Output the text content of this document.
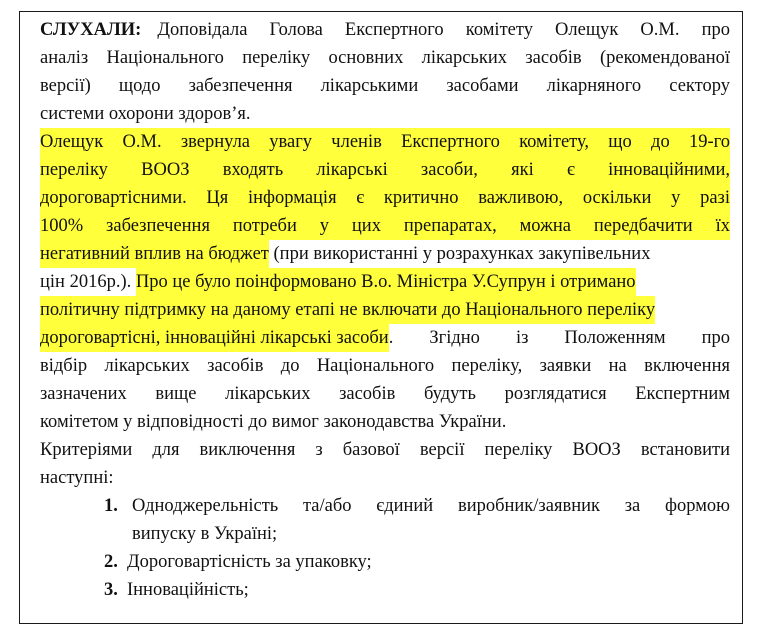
СЛУХАЛИ: Доповідала Голова Експертного комітету Олещук О.М. про
аналіз Національного переліку основних лікарських засобів (рекомендованої
версії) щодо забезпечення лікарськими засобами лікарняного сектору
системи охорони здоров’я.
Олещук О.М. звернула увагу членів Експертного комітету, що до 19-го
переліку ВООЗ входять лікарські засоби, які є інноваційними,
дороговартісними. Ця інформація є критично важливою, оскільки у разі
100% забезпечення потреби у цих препаратах, можна передбачити їх
негативний вплив на бюджет (при використанні у розрахунках закупівельних
цін 2016р.). Про це було поінформовано В.о. Міністра У.Супрун і отримано
політичну підтримку на даному етапі не включати до Національного переліку
дороговартісні, інноваційні лікарські засоби . Згідно із Положенням про
відбір лікарських засобів до Національного переліку, заявки на включення
зазначених вище лікарських засобів будуть розглядатися Експертним
комітетом у відповідності до вимог законодавства України.
Критеріями для виключення з базової версії переліку ВООЗ встановити
наступні:
1. Одноджерельність та/або єдиний виробник/заявник за формою
випуску в Україні;
2. Дороговартісність за упаковку;
3. Інноваційність;
